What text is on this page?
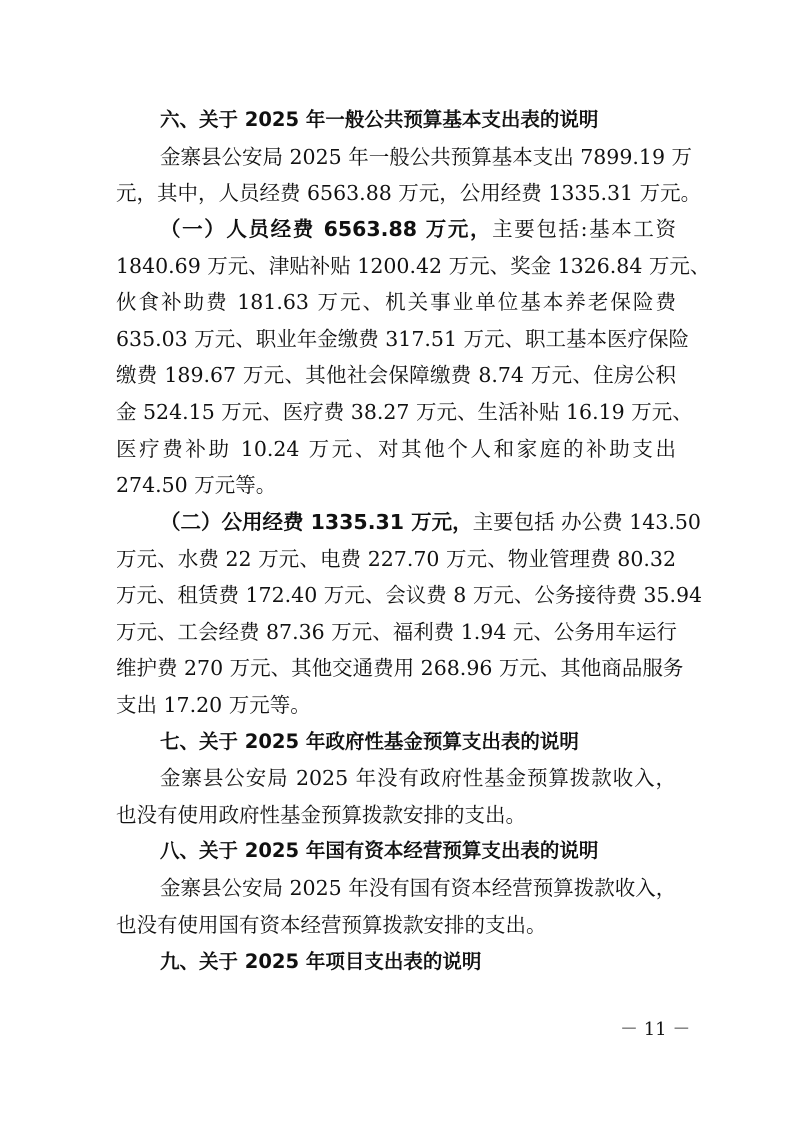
六、关于 2025 年一般公共预算基本支出表的说明
金寨县公安局 2025 年一般公共预算基本支出 7899.19 万
元，其中，人员经费 6563.88 万元，公用经费 1335.31 万元。
（一）人员经费 6563.88 万元，主要包括:基本工资
1840.69 万元、津贴补贴 1200.42 万元、奖金 1326.84 万元、
伙食补助费 181.63 万元、机关事业单位基本养老保险费
635.03 万元、职业年金缴费 317.51 万元、职工基本医疗保险
缴费 189.67 万元、其他社会保障缴费 8.74 万元、住房公积
金 524.15 万元、医疗费 38.27 万元、生活补贴 16.19 万元、
医疗费补助 10.24 万元、对其他个人和家庭的补助支出
274.50 万元等。
（二）公用经费 1335.31 万元，主要包括 办公费 143.50
万元、水费 22 万元、电费 227.70 万元、物业管理费 80.32
万元、租赁费 172.40 万元、会议费 8 万元、公务接待费 35.94
万元、工会经费 87.36 万元、福利费 1.94 元、公务用车运行
维护费 270 万元、其他交通费用 268.96 万元、其他商品服务
支出 17.20 万元等。
七、关于 2025 年政府性基金预算支出表的说明
金寨县公安局 2025 年没有政府性基金预算拨款收入，
也没有使用政府性基金预算拨款安排的支出。
八、关于 2025 年国有资本经营预算支出表的说明
金寨县公安局 2025 年没有国有资本经营预算拨款收入，
也没有使用国有资本经营预算拨款安排的支出。
九、关于 2025 年项目支出表的说明
－ 11 －
